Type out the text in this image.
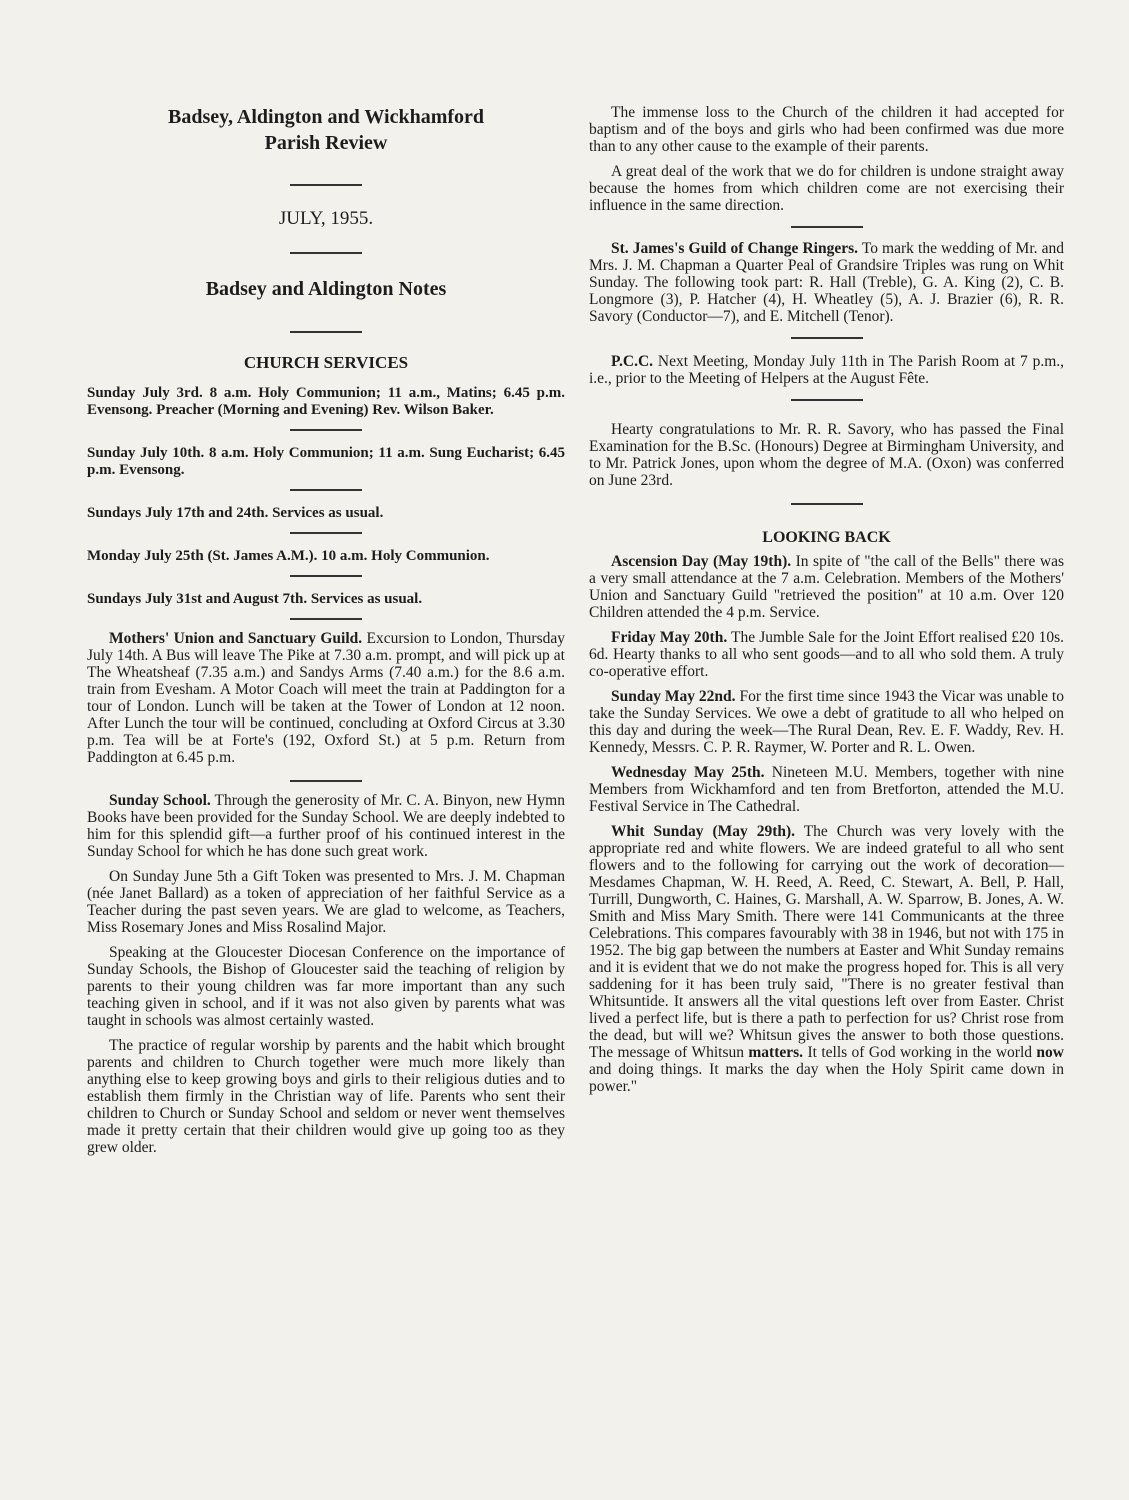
Badsey, Aldington and Wickhamford
Parish Review
JULY, 1955.
Badsey and Aldington Notes
CHURCH SERVICES

Sunday July 3rd. 8 a.m. Holy Communion; 11 a.m., Matins; 6.45 p.m. Evensong. Preacher (Morning and Evening) Rev. Wilson Baker.

Sunday July 10th. 8 a.m. Holy Communion; 11 a.m. Sung Eucharist; 6.45 p.m. Evensong.

Sundays July 17th and 24th. Services as usual.

Monday July 25th (St. James A.M.). 10 a.m. Holy Communion.

Sundays July 31st and August 7th. Services as usual.

Mothers' Union and Sanctuary Guild. Excursion to London, Thursday July 14th. A Bus will leave The Pike at 7.30 a.m. prompt, and will pick up at The Wheatsheaf (7.35 a.m.) and Sandys Arms (7.40 a.m.) for the 8.6 a.m. train from Evesham. A Motor Coach will meet the train at Paddington for a tour of London. Lunch will be taken at the Tower of London at 12 noon. After Lunch the tour will be continued, concluding at Oxford Circus at 3.30 p.m. Tea will be at Forte's (192, Oxford St.) at 5 p.m. Return from Paddington at 6.45 p.m.

Sunday School. Through the generosity of Mr. C. A. Binyon, new Hymn Books have been provided for the Sunday School. We are deeply indebted to him for this splendid gift—a further proof of his continued interest in the Sunday School for which he has done such great work.

On Sunday June 5th a Gift Token was presented to Mrs. J. M. Chapman (née Janet Ballard) as a token of appreciation of her faithful Service as a Teacher during the past seven years. We are glad to welcome, as Teachers, Miss Rosemary Jones and Miss Rosalind Major.

Speaking at the Gloucester Diocesan Conference on the importance of Sunday Schools, the Bishop of Gloucester said the teaching of religion by parents to their young children was far more important than any such teaching given in school, and if it was not also given by parents what was taught in schools was almost certainly wasted.

The practice of regular worship by parents and the habit which brought parents and children to Church together were much more likely than anything else to keep growing boys and girls to their religious duties and to establish them firmly in the Christian way of life. Parents who sent their children to Church or Sunday School and seldom or never went themselves made it pretty certain that their children would give up going too as they grew older.

The immense loss to the Church of the children it had accepted for baptism and of the boys and girls who had been confirmed was due more than to any other cause to the example of their parents.

A great deal of the work that we do for children is undone straight away because the homes from which children come are not exercising their influence in the same direction.

St. James's Guild of Change Ringers. To mark the wedding of Mr. and Mrs. J. M. Chapman a Quarter Peal of Grandsire Triples was rung on Whit Sunday. The following took part: R. Hall (Treble), G. A. King (2), C. B. Longmore (3), P. Hatcher (4), H. Wheatley (5), A. J. Brazier (6), R. R. Savory (Conductor—7), and E. Mitchell (Tenor).

P.C.C. Next Meeting, Monday July 11th in The Parish Room at 7 p.m., i.e., prior to the Meeting of Helpers at the August Fête.

Hearty congratulations to Mr. R. R. Savory, who has passed the Final Examination for the B.Sc. (Honours) Degree at Birmingham University, and to Mr. Patrick Jones, upon whom the degree of M.A. (Oxon) was conferred on June 23rd.

LOOKING BACK

Ascension Day (May 19th). In spite of "the call of the Bells" there was a very small attendance at the 7 a.m. Celebration. Members of the Mothers' Union and Sanctuary Guild "retrieved the position" at 10 a.m. Over 120 Children attended the 4 p.m. Service.

Friday May 20th. The Jumble Sale for the Joint Effort realised £20 10s. 6d. Hearty thanks to all who sent goods—and to all who sold them. A truly co-operative effort.

Sunday May 22nd. For the first time since 1943 the Vicar was unable to take the Sunday Services. We owe a debt of gratitude to all who helped on this day and during the week—The Rural Dean, Rev. E. F. Waddy, Rev. H. Kennedy, Messrs. C. P. R. Raymer, W. Porter and R. L. Owen.

Wednesday May 25th. Nineteen M.U. Members, together with nine Members from Wickhamford and ten from Bretforton, attended the M.U. Festival Service in The Cathedral.

Whit Sunday (May 29th). The Church was very lovely with the appropriate red and white flowers. We are indeed grateful to all who sent flowers and to the following for carrying out the work of decoration—Mesdames Chapman, W. H. Reed, A. Reed, C. Stewart, A. Bell, P. Hall, Turrill, Dungworth, C. Haines, G. Marshall, A. W. Sparrow, B. Jones, A. W. Smith and Miss Mary Smith. There were 141 Communicants at the three Celebrations. This compares favourably with 38 in 1946, but not with 175 in 1952. The big gap between the numbers at Easter and Whit Sunday remains and it is evident that we do not make the progress hoped for. This is all very saddening for it has been truly said, "There is no greater festival than Whitsuntide. It answers all the vital questions left over from Easter. Christ lived a perfect life, but is there a path to perfection for us? Christ rose from the dead, but will we? Whitsun gives the answer to both those questions. The message of Whitsun matters. It tells of God working in the world now and doing things. It marks the day when the Holy Spirit came down in power."
